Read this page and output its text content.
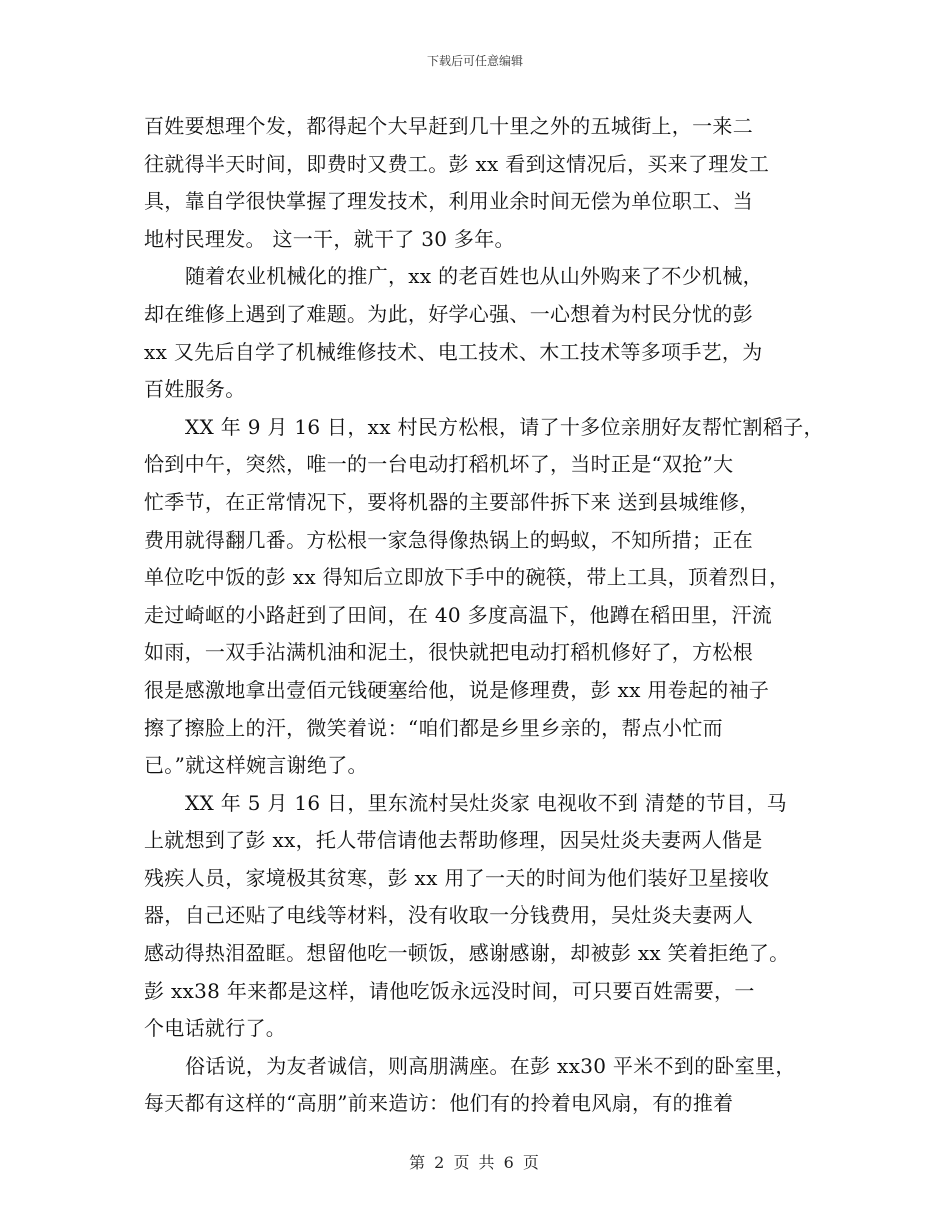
下载后可任意编辑
百姓要想理个发，都得起个大早赶到几十里之外的五城街上，一来二
往就得半天时间，即费时又费工。彭 xx 看到这情况后，买来了理发工
具，靠自学很快掌握了理发技术，利用业余时间无偿为单位职工、当
地村民理发。 这一干，就干了 30 多年。
随着农业机械化的推广，xx 的老百姓也从山外购来了不少机械，
却在维修上遇到了难题。为此，好学心强、一心想着为村民分忧的彭
xx 又先后自学了机械维修技术、电工技术、木工技术等多项手艺，为
百姓服务。
XX 年 9 月 16 日，xx 村民方松根，请了十多位亲朋好友帮忙割稻子，
恰到中午，突然，唯一的一台电动打稻机坏了，当时正是“双抢”大
忙季节，在正常情况下，要将机器的主要部件拆下来 送到县城维修，
费用就得翻几番。方松根一家急得像热锅上的蚂蚁，不知所措；正在
单位吃中饭的彭 xx 得知后立即放下手中的碗筷，带上工具，顶着烈日，
走过崎岖的小路赶到了田间，在 40 多度高温下，他蹲在稻田里，汗流
如雨，一双手沾满机油和泥土，很快就把电动打稻机修好了，方松根
很是感激地拿出壹佰元钱硬塞给他，说是修理费，彭 xx 用卷起的袖子
擦了擦脸上的汗，微笑着说：“咱们都是乡里乡亲的，帮点小忙而
已。”就这样婉言谢绝了。
XX 年 5 月 16 日，里东流村吴灶炎家 电视收不到 清楚的节目，马
上就想到了彭 xx，托人带信请他去帮助修理，因吴灶炎夫妻两人偕是
残疾人员，家境极其贫寒，彭 xx 用了一天的时间为他们装好卫星接收
器，自己还贴了电线等材料，没有收取一分钱费用，吴灶炎夫妻两人
感动得热泪盈眶。想留他吃一顿饭，感谢感谢，却被彭 xx 笑着拒绝了。
彭 xx38 年来都是这样，请他吃饭永远没时间，可只要百姓需要，一
个电话就行了。
俗话说，为友者诚信，则高朋满座。在彭 xx30 平米不到的卧室里，
每天都有这样的“高朋”前来造访：他们有的拎着电风扇，有的推着
第 2 页 共 6 页
